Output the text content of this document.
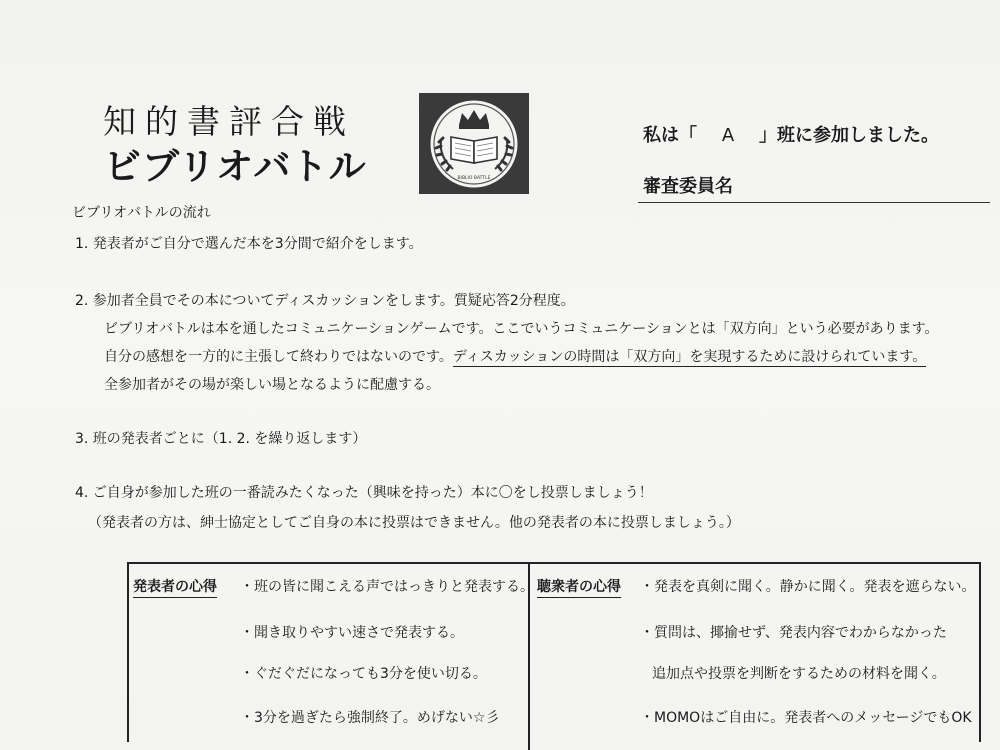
知的書評合戦
ビブリオバトル	BIBLIO BATTLE
私は「 A 」班に参加しました。
審査委員名
ビブリオバトルの流れ
1. 発表者がご自分で選んだ本を3分間で紹介をします。
2. 参加者全員でその本についてディスカッションをします。質疑応答2分程度。
ビブリオバトルは本を通したコミュニケーションゲームです。ここでいうコミュニケーションとは「双方向」という必要があります。
自分の感想を一方的に主張して終わりではないのです。ディスカッションの時間は「双方向」を実現するために設けられています。
全参加者がその場が楽しい場となるように配慮する。
3. 班の発表者ごとに（1. 2. を繰り返します）
4. ご自身が参加した班の一番読みたくなった（興味を持った）本に〇をし投票しましょう！
（発表者の方は、紳士協定としてご自身の本に投票はできません。他の発表者の本に投票しましょう。）
発表者の心得 ・班の皆に聞こえる声ではっきりと発表する。
・聞き取りやすい速さで発表する。
・ぐだぐだになっても3分を使い切る。
・3分を過ぎたら強制終了。めげない☆彡
聴衆者の心得 ・発表を真剣に聞く。静かに聞く。発表を遮らない。
・質問は、揶揄せず、発表内容でわからなかった
追加点や投票を判断をするための材料を聞く。
・MOMOはご自由に。発表者へのメッセージでもOK
